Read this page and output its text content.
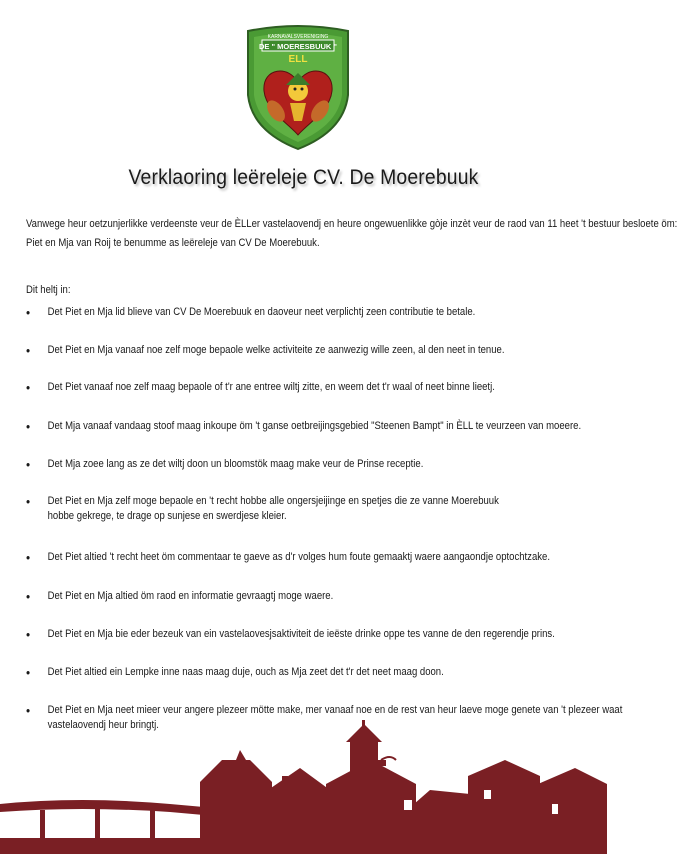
KARNAVALSVERENIGING
DE " MOERESBUUK "
ELL
Verklaoring leëreleje CV. De Moerebuuk

Vanwege heur oetzunjerlikke verdeenste veur de ÈLLer vastelaovendj en heure ongewuenlikke gòje inzèt veur de raod van 11 heet 't bestuur besloete öm:

Piet en Mja van Roij te benumme as leëreleje van CV De Moerebuuk.

Dit heltj in:
• Det Piet en Mja lid blieve van CV De Moerebuuk en daoveur neet verplichtj zeen contributie te betale.
• Det Piet en Mja vanaaf noe zelf moge bepaole welke activiteite ze aanwezig wille zeen, al den neet in tenue.
• Det Piet vanaaf noe zelf maag bepaole of t'r ane entree wiltj zitte, en weem det t'r waal of neet binne lieetj.
• Det Mja vanaaf vandaag stoof maag inkoupe öm 't ganse oetbreijingsgebied "Steenen Bampt" in ÈLL te veurzeen van moeere.
• Det Mja zoee lang as ze det wiltj doon un bloomstök maag make veur de Prinse receptie.
• Det Piet en Mja zelf moge bepaole en 't recht hobbe alle ongersjeijinge en spetjes die ze vanne Moerebuuk
hobbe gekrege, te drage op sunjese en swerdjese kleier.
• Det Piet altied 't recht heet öm commentaar te gaeve as d'r volges hum foute gemaaktj waere aangaondje optochtzake.
• Det Piet en Mja altied öm raod en informatie gevraagtj moge waere.
• Det Piet en Mja bie eder bezeuk van ein vastelaovesjsaktiviteit de ieëste drinke oppe tes vanne de den regerendje prins.
• Det Piet altied ein Lempke inne naas maag duje, ouch as Mja zeet det t'r det neet maag doon.
• Det Piet en Mja neet mieer veur angere plezeer mötte make, mer vanaaf noe en de rest van heur laeve moge genete van 't plezeer waat
vastelaovendj heur bringtj.
